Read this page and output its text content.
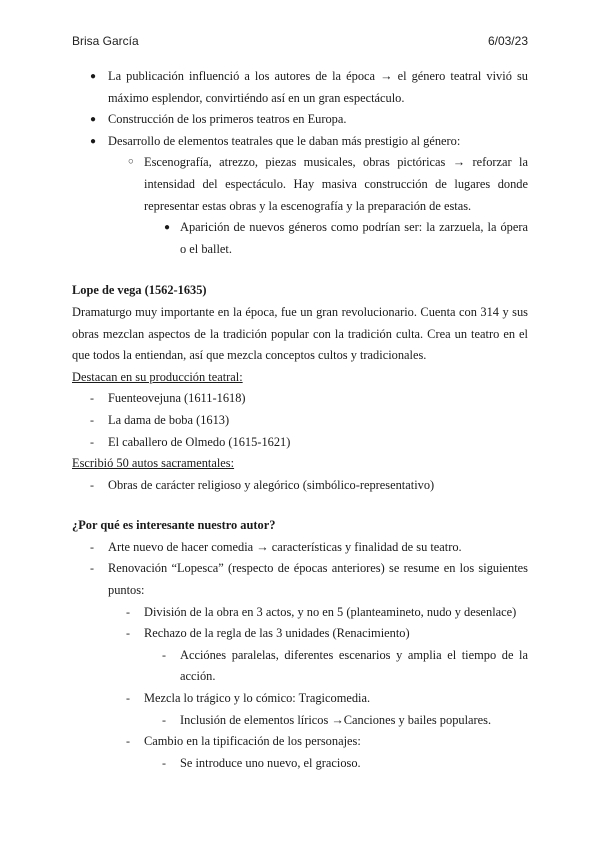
Brisa García	6/03/23
● La publicación influenció a los autores de la época → el género teatral vivió su máximo esplendor, convirtiéndo así en un gran espectáculo.
● Construcción de los primeros teatros en Europa.
● Desarrollo de elementos teatrales que le daban más prestigio al género:
○ Escenografía, atrezzo, piezas musicales, obras pictóricas → reforzar la intensidad del espectáculo. Hay masiva construcción de lugares donde representar estas obras y la escenografía y la preparación de estas.
● Aparición de nuevos géneros como podrían ser: la zarzuela, la ópera o el ballet.

Lope de vega (1562-1635)

Dramaturgo muy importante en la época, fue un gran revolucionario. Cuenta con 314 y sus obras mezclan aspectos de la tradición popular con la tradición culta. Crea un teatro en el que todos la entiendan, así que mezcla conceptos cultos y tradicionales.

Destacan en su producción teatral:

- Fuenteovejuna (1611-1618)
- La dama de boba (1613)
- El caballero de Olmedo (1615-1621)

Escribió 50 autos sacramentales:

- Obras de carácter religioso y alegórico (simbólico-representativo)

¿Por qué es interesante nuestro autor?

- Arte nuevo de hacer comedia → características y finalidad de su teatro.
- Renovación “Lopesca” (respecto de épocas anteriores) se resume en los siguientes puntos:
- División de la obra en 3 actos, y no en 5 (planteamineto, nudo y desenlace)
- Rechazo de la regla de las 3 unidades (Renacimiento)
- Acciónes paralelas, diferentes escenarios y amplia el tiempo de la acción.
- Mezcla lo trágico y lo cómico: Tragicomedia.
- Inclusión de elementos líricos →Canciones y bailes populares.
- Cambio en la tipificación de los personajes:
- Se introduce uno nuevo, el gracioso.
